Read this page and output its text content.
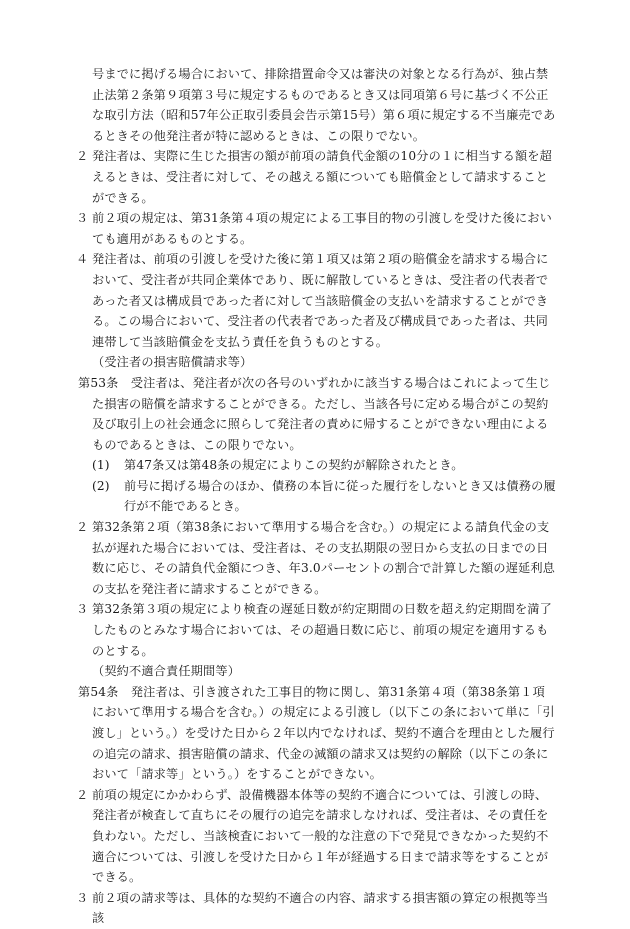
号までに掲げる場合において、排除措置命令又は審決の対象となる行為が、独占禁止法第２条第９項第３号に規定するものであるとき又は同項第６号に基づく不公正な取引方法（昭和57年公正取引委員会告示第15号）第６項に規定する不当廉売であるときその他発注者が特に認めるときは、この限りでない。

２ 発注者は、実際に生じた損害の額が前項の請負代金額の10分の１に相当する額を超えるときは、受注者に対して、その越える額についても賠償金として請求することができる。

３ 前２項の規定は、第31条第４項の規定による工事目的物の引渡しを受けた後においても適用があるものとする。

４ 発注者は、前項の引渡しを受けた後に第１項又は第２項の賠償金を請求する場合において、受注者が共同企業体であり、既に解散しているときは、受注者の代表者であった者又は構成員であった者に対して当該賠償金の支払いを請求することができる。この場合において、受注者の代表者であった者及び構成員であった者は、共同連帯して当該賠償金を支払う責任を負うものとする。

（受注者の損害賠償請求等）

第53条　 受注者は、発注者が次の各号のいずれかに該当する場合はこれによって生じた損害の賠償を請求することができる。ただし、当該各号に定める場合がこの契約及び取引上の社会通念に照らして発注者の責めに帰することができない理由によるものであるときは、この限りでない。

(1) 第47条又は第48条の規定によりこの契約が解除されたとき。

(2) 前号に掲げる場合のほか、債務の本旨に従った履行をしないとき又は債務の履行が不能であるとき。

２ 第32条第２項（第38条において準用する場合を含む。）の規定による請負代金の支払が遅れた場合においては、受注者は、その支払期限の翌日から支払の日までの日数に応じ、その請負代金額につき、年3.0パーセントの割合で計算した額の遅延利息の支払を発注者に請求することができる。

３ 第32条第３項の規定により検査の遅延日数が約定期間の日数を超え約定期間を満了したものとみなす場合においては、その超過日数に応じ、前項の規定を適用するものとする。

（契約不適合責任期間等）

第54条　 発注者は、引き渡された工事目的物に関し、第31条第４項（第38条第１項において準用する場合を含む。）の規定による引渡し（以下この条において単に「引渡し」という。）を受けた日から２年以内でなければ、契約不適合を理由とした履行の追完の請求、損害賠償の請求、代金の減額の請求又は契約の解除（以下この条において「請求等」という。）をすることができない。

２ 前項の規定にかかわらず、設備機器本体等の契約不適合については、引渡しの時、発注者が検査して直ちにその履行の追完を請求しなければ、受注者は、その責任を負わない。ただし、当該検査において一般的な注意の下で発見できなかった契約不適合については、引渡しを受けた日から１年が経過する日まで請求等をすることができる。

３ 前２項の請求等は、具体的な契約不適合の内容、請求する損害額の算定の根拠等当該
